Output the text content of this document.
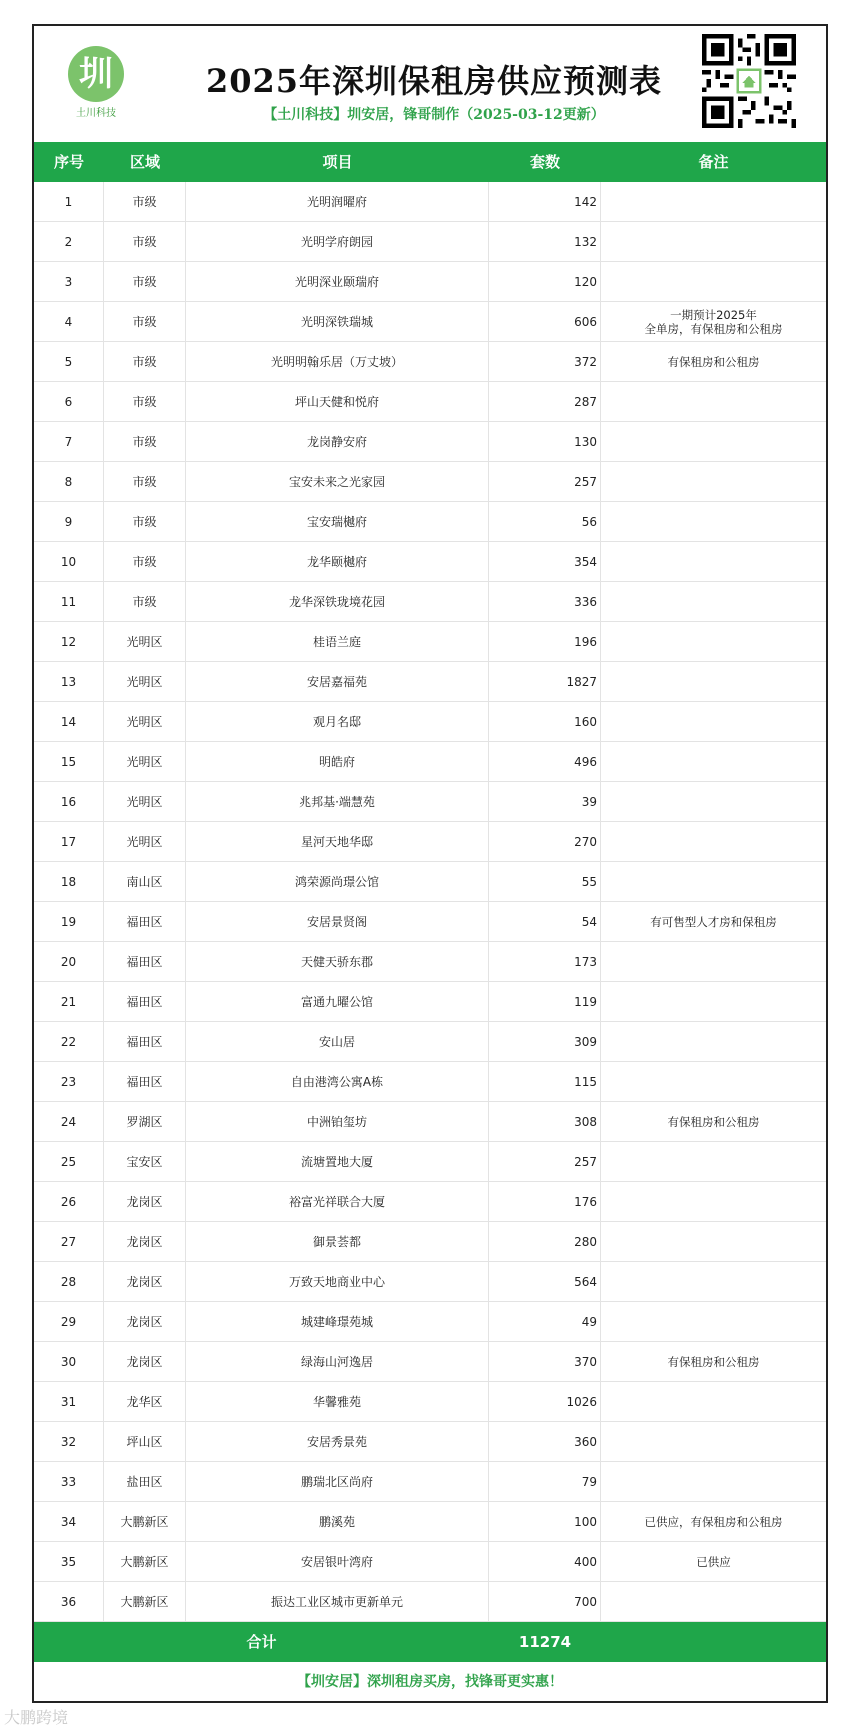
圳
土川科技
2025年深圳保租房供应预测表
【土川科技】圳安居，锋哥制作（2025-03-12更新）
序号	区域	项目	套数	备注
1	市级	光明润曜府	142
2	市级	光明学府朗园	132
3	市级	光明深业颐瑞府	120
4	市级	光明深铁瑞城	606	一期预计2025年
全单房，有保租房和公租房
5	市级	光明明翰乐居（万丈坡）	372	有保租房和公租房
6	市级	坪山天健和悦府	287
7	市级	龙岗静安府	130
8	市级	宝安未来之光家园	257
9	市级	宝安瑞樾府	56
10	市级	龙华颐樾府	354
11	市级	龙华深铁珑境花园	336
12	光明区	桂语兰庭	196
13	光明区	安居嘉福苑	1827
14	光明区	观月名邸	160
15	光明区	明皓府	496
16	光明区	兆邦基·端慧苑	39
17	光明区	星河天地华邸	270
18	南山区	鸿荣源尚璟公馆	55
19	福田区	安居景贤阁	54	有可售型人才房和保租房
20	福田区	天健天骄东郡	173
21	福田区	富通九曜公馆	119
22	福田区	安山居	309
23	福田区	自由港湾公寓A栋	115
24	罗湖区	中洲铂玺坊	308	有保租房和公租房
25	宝安区	流塘置地大厦	257
26	龙岗区	裕富光祥联合大厦	176
27	龙岗区	御景荟都	280
28	龙岗区	万致天地商业中心	564
29	龙岗区	城建峰璟苑城	49
30	龙岗区	绿海山河逸居	370	有保租房和公租房
31	龙华区	华馨雅苑	1026
32	坪山区	安居秀景苑	360
33	盐田区	鹏瑞北区尚府	79
34	大鹏新区	鹏溪苑	100	已供应，有保租房和公租房
35	大鹏新区	安居银叶湾府	400	已供应
36	大鹏新区	振达工业区城市更新单元	700
合计	11274
【圳安居】深圳租房买房，找锋哥更实惠！
大鹏跨境
